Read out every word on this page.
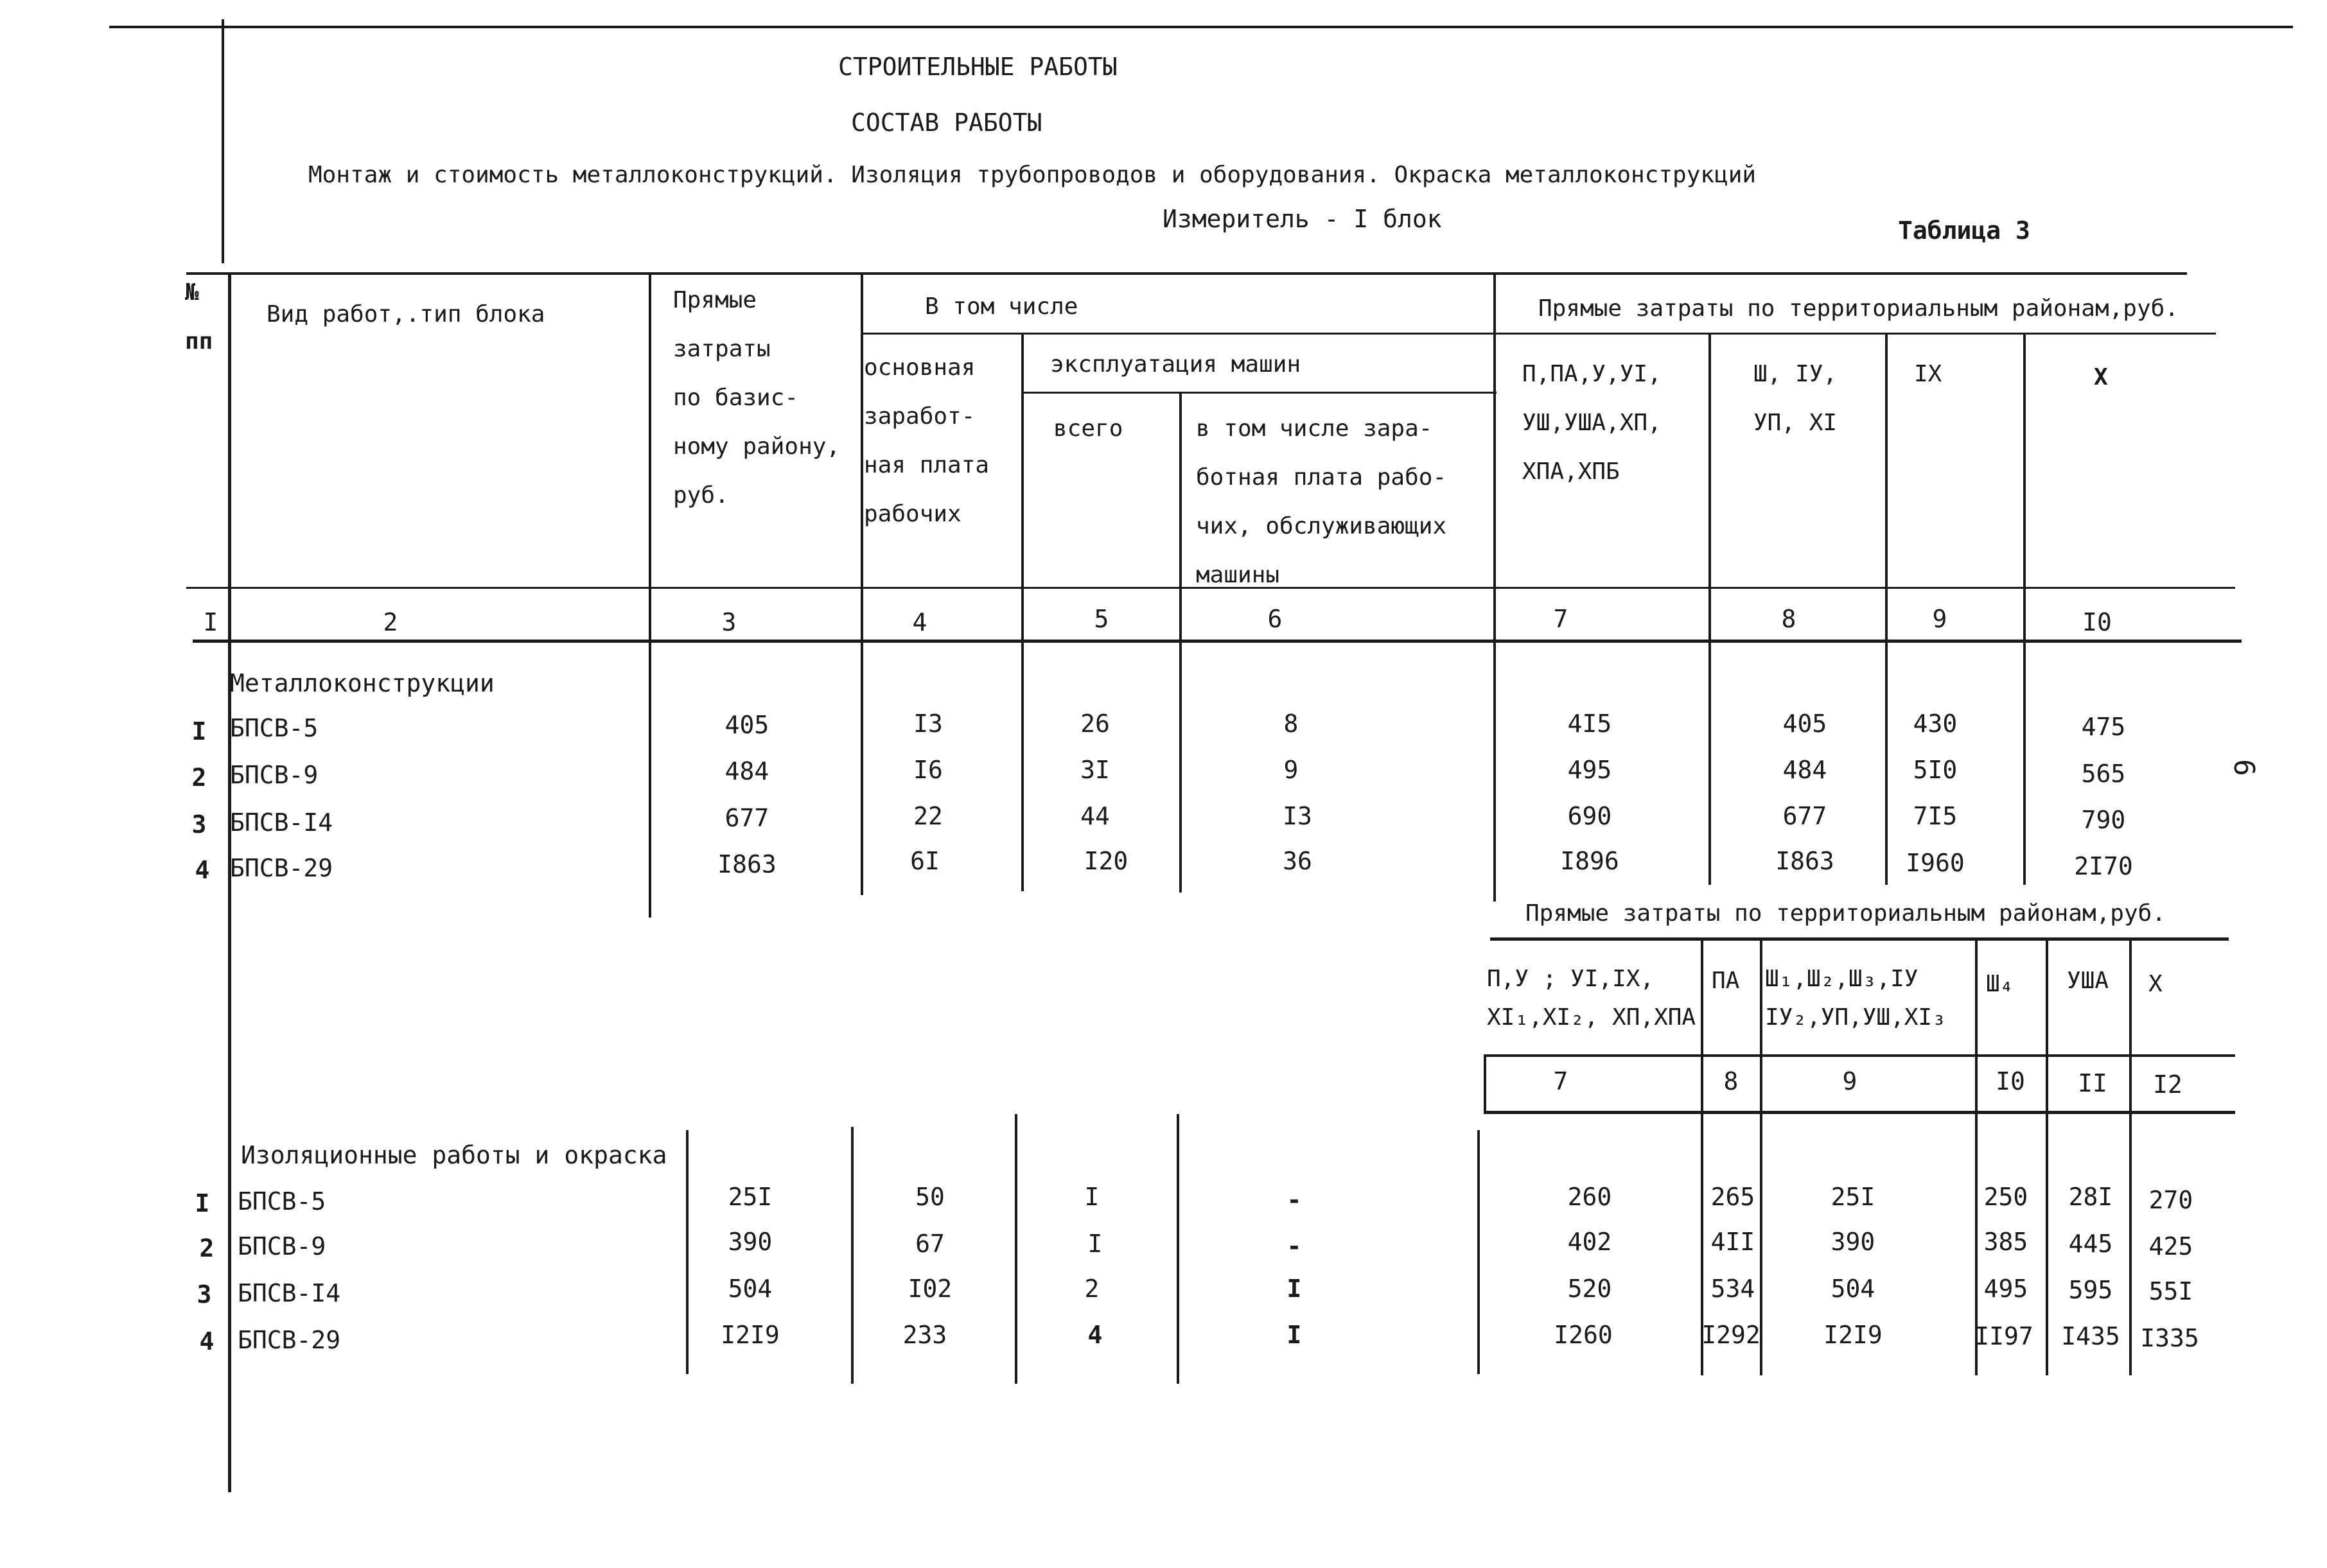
СТРОИТЕЛЬНЫЕ РАБОТЫ
СОСТАВ РАБОТЫ
Монтаж и стоимость металлоконструкций. Изоляция трубопроводов и оборудования. Окраска металлоконструкций
Измеритель - I блок	Таблица 3
6
№
пп
Вид работ,.тип блока
Прямые
затраты
по базис-
ному району,
руб.
В том числе
основная
заработ-
ная плата
рабочих
эксплуатация машин
всего	в том числе зара-
ботная плата рабо-
чих, обслуживающих
машины
Прямые затраты по территориальным районам,руб.
П,ПА,У,УI,
УШ,УША,ХП,
ХПА,ХПБ
Ш, IУ,
УП, ХI
IX	X
I	2	3	4	5	6	7	8	9	I0
Металлоконструкции
I БПСВ-5	405	I3	26	8	4I5	405	430	475
2 БПСВ-9	484	I6	3I	9	495	484	5I0	565
3 БПСВ-I4	677	22	44	I3	690	677	7I5	790
4 БПСВ-29	I863	6I	I20	36	I896	I863	I960	2I70
Прямые затраты по территориальным районам,руб.
П,У ; УI,IX,
XI₁,XI₂, ХП,ХПА
ПА Ш₁,Ш₂,Ш₃,IУ
IУ₂,УП,УШ,XI₃
Ш₄ УША X
7	8	9	I0 II I2
Изоляционные работы и окраска
I БПСВ-5	25I	50	I	-	260	265	25I	250 28I 270
2 БПСВ-9	390	67	I	-	402	4II	390	385 445 425
3 БПСВ-I4	504	I02	2	I	520	534	504	495 595 55I
4 БПСВ-29	I2I9	233	4	I	I260	I292	I2I9	II97 I435 I335
